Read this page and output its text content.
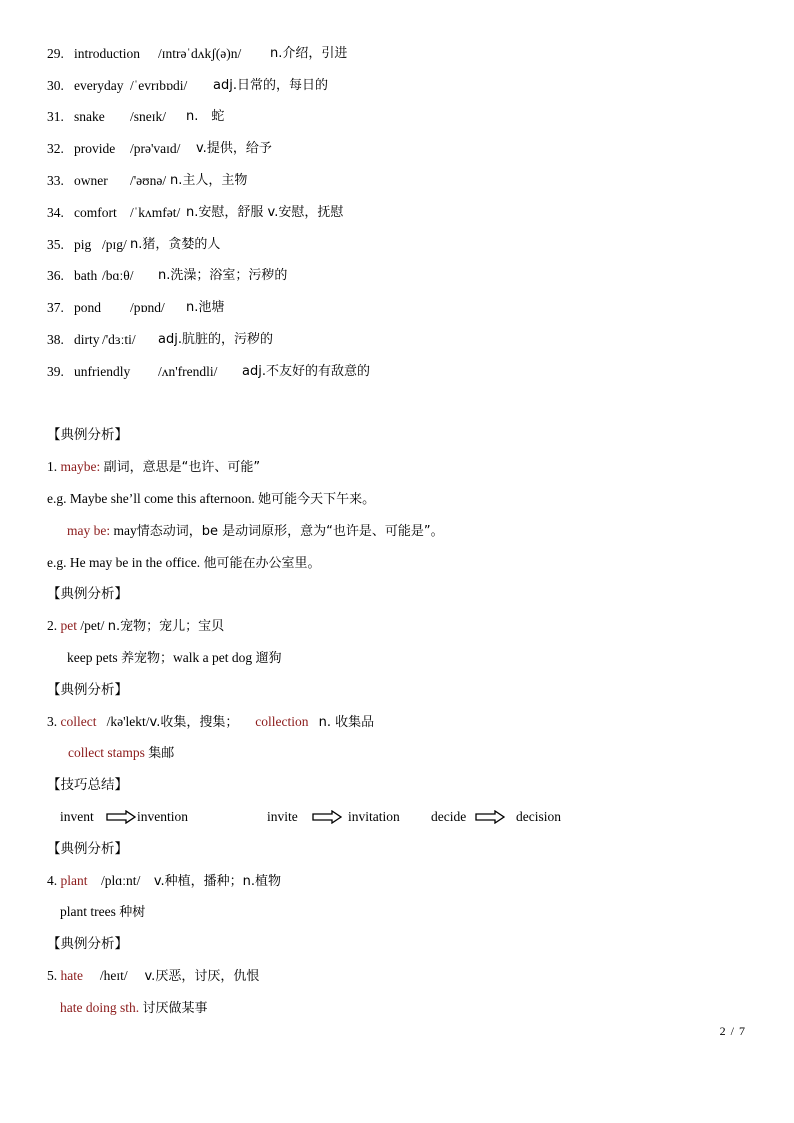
29. introduction /ɪntrəˈdʌkʃ(ə)n/ n.介绍，引进
30. everyday /ˈevrɪbɒdi/ adj.日常的，每日的
31. snake /sneɪk/ n.　蛇
32. provide /prə'vaɪd/ v.提供，给予
33. owner /'əʊnə/ n.主人，主物
34. comfort /ˈkʌmfət/ n.安慰，舒服 v.安慰，抚慰
35. pig /pɪg/ n.猪，贪婪的人
36. bath /bɑːθ/ n.洗澡；浴室；污秽的
37. pond /pɒnd/ n.池塘
38. dirty /'dɜːti/ adj.肮脏的，污秽的
39. unfriendly /ʌn'frendli/ adj.不友好的有敌意的
【典例分析】
1. maybe: 副词，意思是“也许、可能”
e.g. Maybe she’ll come this afternoon. 她可能今天下午来。
may be: may情态动词，be 是动词原形，意为“也许是、可能是”。
e.g. He may be in the office. 他可能在办公室里。
【典例分析】
2. pet /pet/ n.宠物；宠儿；宝贝
keep pets 养宠物；walk a pet dog 遛狗
【典例分析】
3. collect /kə'lekt/v.收集，搜集； collection n. 收集品
collect stamps 集邮
【技巧总结】
invent	invention	invite	invitation decide	decision
【典例分析】
4. plant /plɑːnt/ v.种植，播种；n.植物
plant trees 种树
【典例分析】
5. hate /heɪt/ v.厌恶，讨厌，仇恨
hate doing sth. 讨厌做某事
2 / 7
